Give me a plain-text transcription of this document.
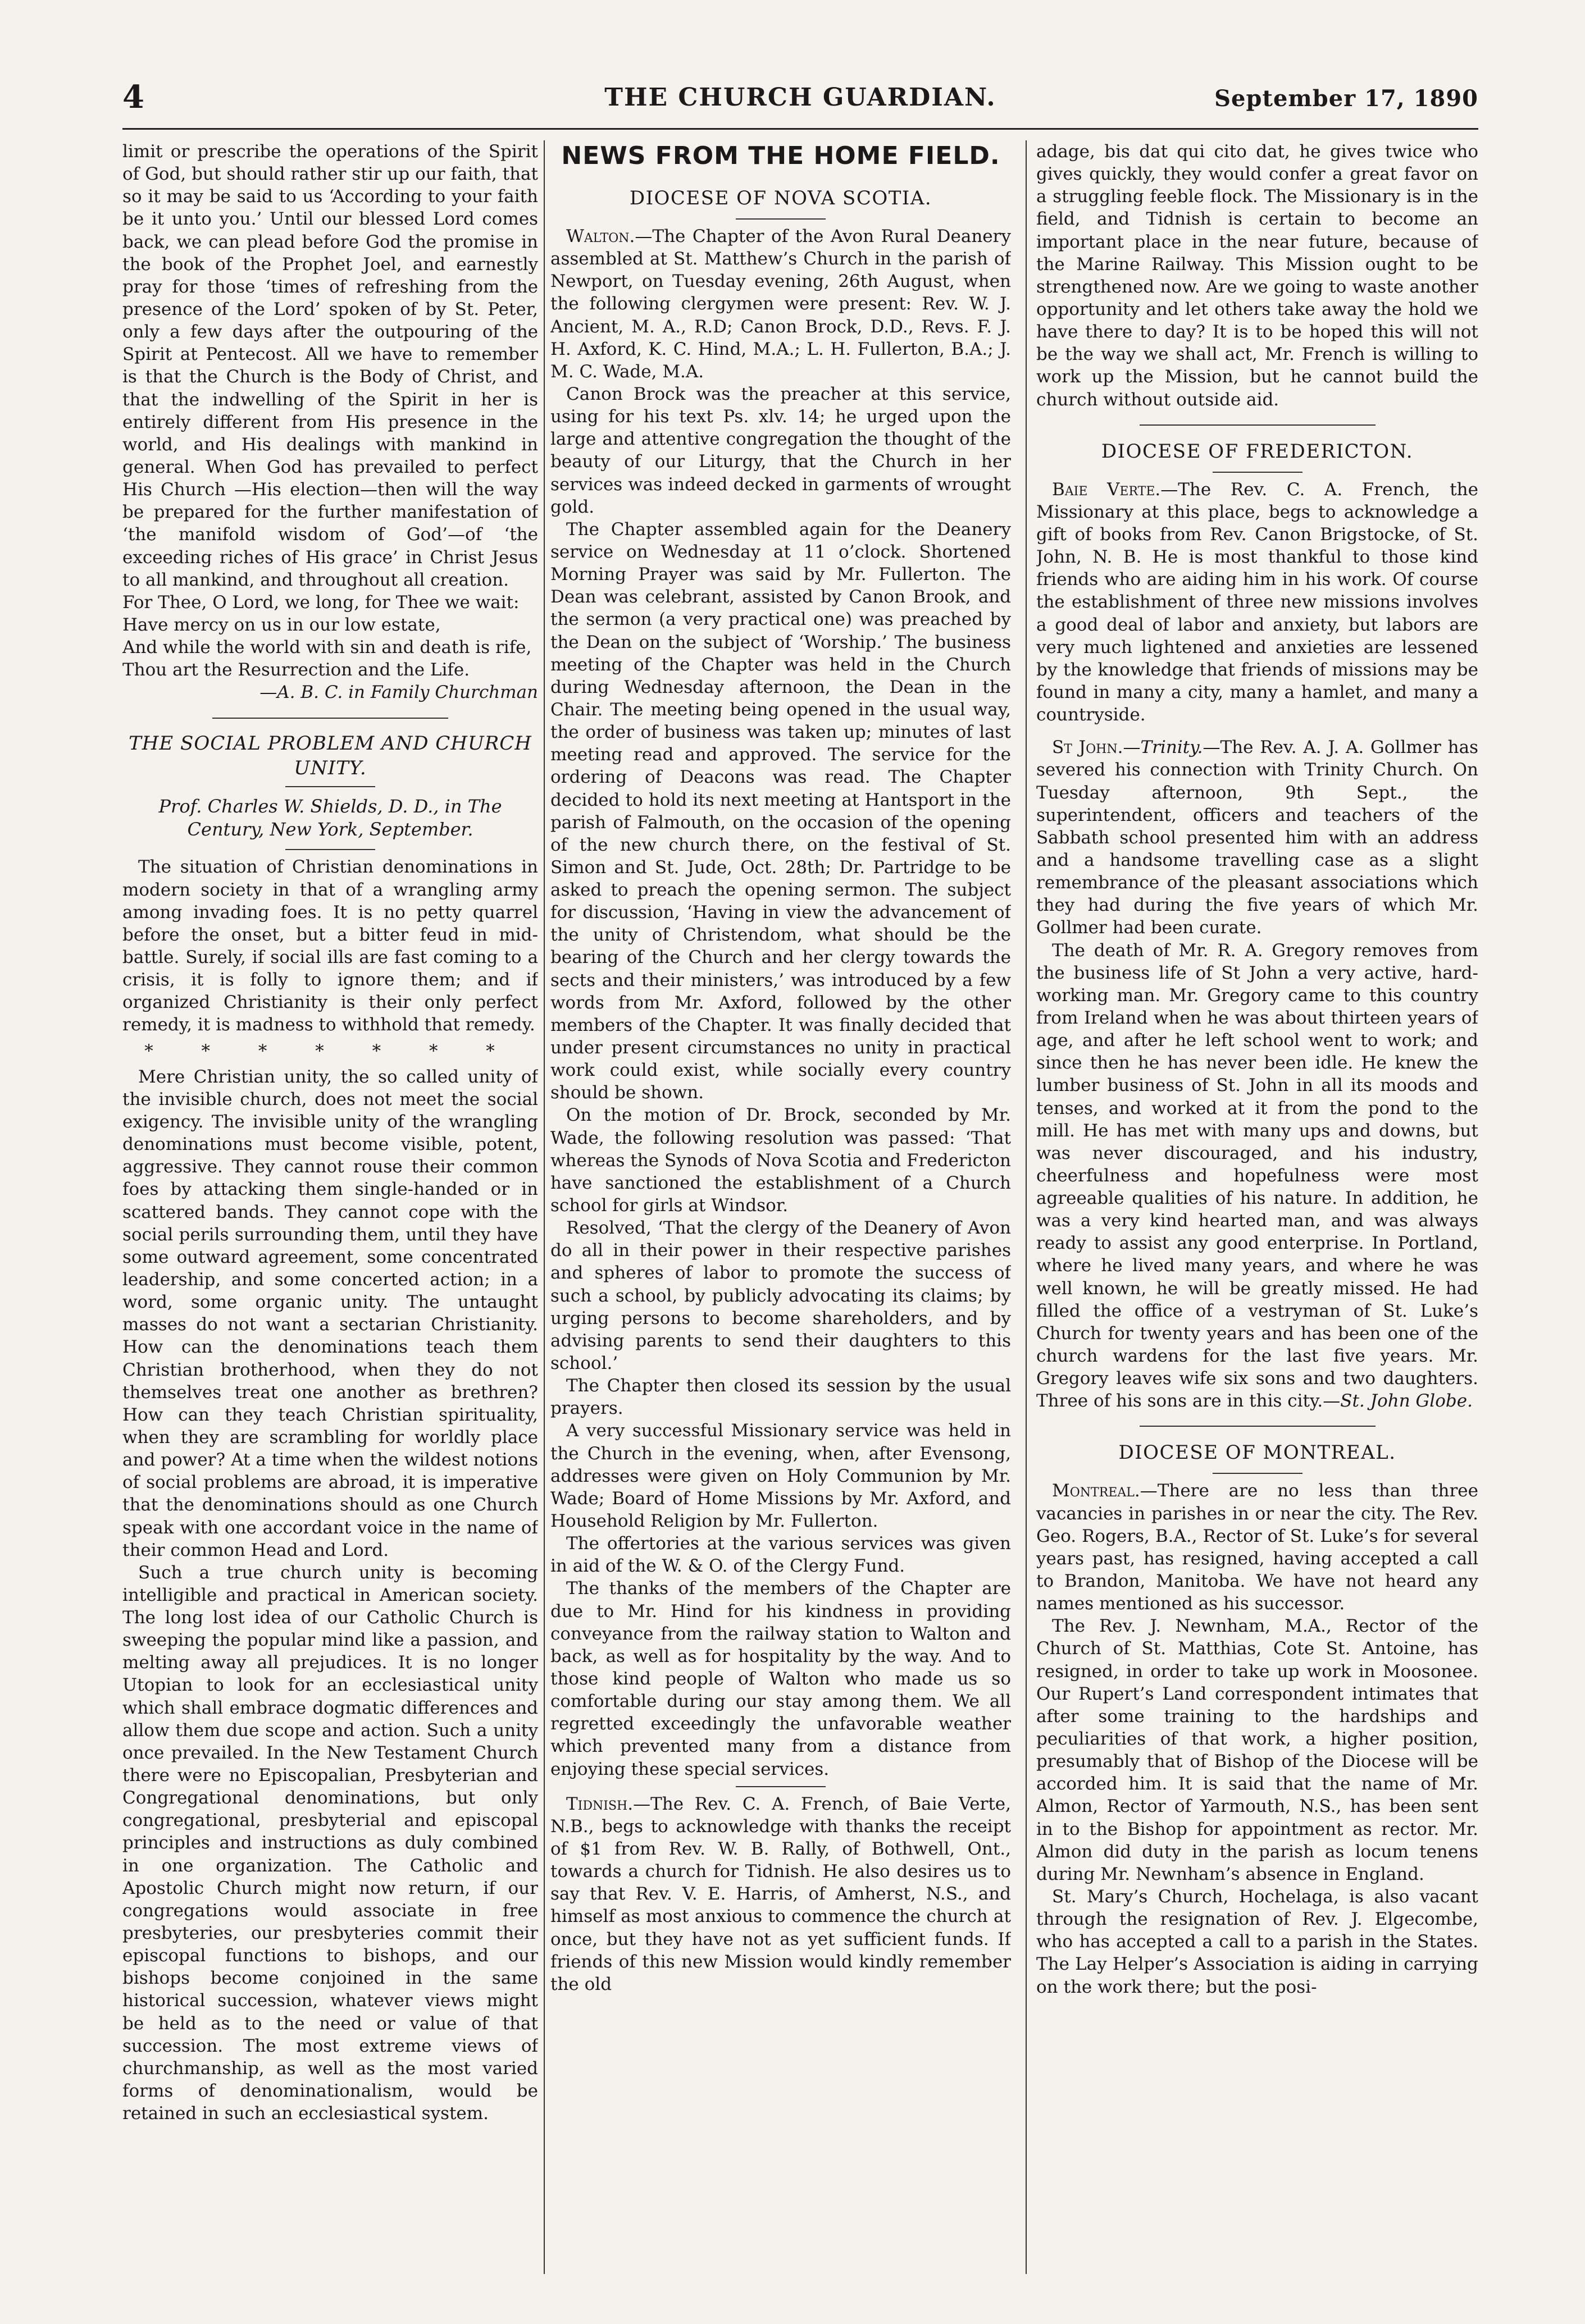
4	THE CHURCH GUARDIAN.	September 17, 1890

limit or prescribe the operations of the Spirit of God, but should rather stir up our faith, that so it may be said to us ‘According to your faith be it unto you.’ Until our blessed Lord comes back, we can plead before God the promise in the book of the Prophet Joel, and earnestly pray for those ‘times of refreshing from the presence of the Lord’ spoken of by St. Peter, only a few days after the outpouring of the Spirit at Pentecost. All we have to remember is that the Church is the Body of Christ, and that the indwelling of the Spirit in her is entirely different from His presence in the world, and His dealings with mankind in general. When God has prevailed to perfect His Church —His election—then will the way be prepared for the further manifestation of ‘the manifold wisdom of God’—of ‘the exceeding riches of His grace’ in Christ Jesus to all mankind, and throughout all creation.

For Thee, O Lord, we long, for Thee we wait:

Have mercy on us in our low estate,

And while the world with sin and death is rife,

Thou art the Resurrection and the Life.

—A. B. C. in Family Churchman

THE SOCIAL PROBLEM AND CHURCH UNITY.

Prof. Charles W. Shields, D. D., in The Century, New York, September.

The situation of Christian denominations in modern society in that of a wrangling army among invading foes. It is no petty quarrel before the onset, but a bitter feud in mid-battle. Surely, if social ills are fast coming to a crisis, it is folly to ignore them; and if organized Christianity is their only perfect remedy, it is madness to withhold that remedy.

* * * * * * *

Mere Christian unity, the so called unity of the invisible church, does not meet the social exigency. The invisible unity of the wrangling denominations must become visible, potent, aggressive. They cannot rouse their common foes by attacking them single-handed or in scattered bands. They cannot cope with the social perils surrounding them, until they have some outward agreement, some concentrated leadership, and some concerted action; in a word, some organic unity. The untaught masses do not want a sectarian Christianity. How can the denominations teach them Christian brotherhood, when they do not themselves treat one another as brethren? How can they teach Christian spirituality, when they are scrambling for worldly place and power? At a time when the wildest notions of social problems are abroad, it is imperative that the denominations should as one Church speak with one accordant voice in the name of their common Head and Lord.

Such a true church unity is becoming intelligible and practical in American society. The long lost idea of our Catholic Church is sweeping the popular mind like a passion, and melting away all prejudices. It is no longer Utopian to look for an ecclesiastical unity which shall embrace dogmatic differences and allow them due scope and action. Such a unity once prevailed. In the New Testament Church there were no Episcopalian, Presbyterian and Congregational denominations, but only congregational, presbyterial and episcopal principles and instructions as duly combined in one organization. The Catholic and Apostolic Church might now return, if our congregations would associate in free presbyteries, our presbyteries commit their episcopal functions to bishops, and our bishops become conjoined in the same historical succession, whatever views might be held as to the need or value of that succession. The most extreme views of churchmanship, as well as the most varied forms of denominationalism, would be retained in such an ecclesiastical system.

NEWS FROM THE HOME FIELD.
DIOCESE OF NOVA SCOTIA.

Walton.—The Chapter of the Avon Rural Deanery assembled at St. Matthew’s Church in the parish of Newport, on Tuesday evening, 26th August, when the following clergymen were present: Rev. W. J. Ancient, M. A., R.D; Canon Brock, D.D., Revs. F. J. H. Axford, K. C. Hind, M.A.; L. H. Fullerton, B.A.; J. M. C. Wade, M.A.

Canon Brock was the preacher at this service, using for his text Ps. xlv. 14; he urged upon the large and attentive congregation the thought of the beauty of our Liturgy, that the Church in her services was indeed decked in garments of wrought gold.

The Chapter assembled again for the Deanery service on Wednesday at 11 o’clock. Shortened Morning Prayer was said by Mr. Fullerton. The Dean was celebrant, assisted by Canon Brook, and the sermon (a very practical one) was preached by the Dean on the subject of ‘Worship.’ The business meeting of the Chapter was held in the Church during Wednesday afternoon, the Dean in the Chair. The meeting being opened in the usual way, the order of business was taken up; minutes of last meeting read and approved. The service for the ordering of Deacons was read. The Chapter decided to hold its next meeting at Hantsport in the parish of Falmouth, on the occasion of the opening of the new church there, on the festival of St. Simon and St. Jude, Oct. 28th; Dr. Partridge to be asked to preach the opening sermon. The subject for discussion, ‘Having in view the advancement of the unity of Christendom, what should be the bearing of the Church and her clergy towards the sects and their ministers,’ was introduced by a few words from Mr. Axford, followed by the other members of the Chapter. It was finally decided that under present circumstances no unity in practical work could exist, while socially every country should be shown.

On the motion of Dr. Brock, seconded by Mr. Wade, the following resolution was passed: ‘That whereas the Synods of Nova Scotia and Fredericton have sanctioned the establishment of a Church school for girls at Windsor.

Resolved, ‘That the clergy of the Deanery of Avon do all in their power in their respective parishes and spheres of labor to promote the success of such a school, by publicly advocating its claims; by urging persons to become shareholders, and by advising parents to send their daughters to this school.’

The Chapter then closed its session by the usual prayers.

A very successful Missionary service was held in the Church in the evening, when, after Evensong, addresses were given on Holy Communion by Mr. Wade; Board of Home Missions by Mr. Axford, and Household Religion by Mr. Fullerton.

The offertories at the various services was given in aid of the W. & O. of the Clergy Fund.

The thanks of the members of the Chapter are due to Mr. Hind for his kindness in providing conveyance from the railway station to Walton and back, as well as for hospitality by the way. And to those kind people of Walton who made us so comfortable during our stay among them. We all regretted exceedingly the unfavorable weather which prevented many from a distance from enjoying these special services.

Tidnish.—The Rev. C. A. French, of Baie Verte, N.B., begs to acknowledge with thanks the receipt of $1 from Rev. W. B. Rally, of Bothwell, Ont., towards a church for Tidnish. He also desires us to say that Rev. V. E. Harris, of Amherst, N.S., and himself as most anxious to commence the church at once, but they have not as yet sufficient funds. If friends of this new Mission would kindly remember the old

adage, bis dat qui cito dat, he gives twice who gives quickly, they would confer a great favor on a struggling feeble flock. The Missionary is in the field, and Tidnish is certain to become an important place in the near future, because of the Marine Railway. This Mission ought to be strengthened now. Are we going to waste another opportunity and let others take away the hold we have there to day? It is to be hoped this will not be the way we shall act, Mr. French is willing to work up the Mission, but he cannot build the church without outside aid.

DIOCESE OF FREDERICTON.

Baie Verte.—The Rev. C. A. French, the Missionary at this place, begs to acknowledge a gift of books from Rev. Canon Brigstocke, of St. John, N. B. He is most thankful to those kind friends who are aiding him in his work. Of course the establishment of three new missions involves a good deal of labor and anxiety, but labors are very much lightened and anxieties are lessened by the knowledge that friends of missions may be found in many a city, many a hamlet, and many a countryside.

St John.—Trinity.—The Rev. A. J. A. Gollmer has severed his connection with Trinity Church. On Tuesday afternoon, 9th Sept., the superintendent, officers and teachers of the Sabbath school presented him with an address and a handsome travelling case as a slight remembrance of the pleasant associations which they had during the five years of which Mr. Gollmer had been curate.

The death of Mr. R. A. Gregory removes from the business life of St John a very active, hard-working man. Mr. Gregory came to this country from Ireland when he was about thirteen years of age, and after he left school went to work; and since then he has never been idle. He knew the lumber business of St. John in all its moods and tenses, and worked at it from the pond to the mill. He has met with many ups and downs, but was never discouraged, and his industry, cheerfulness and hopefulness were most agreeable qualities of his nature. In addition, he was a very kind hearted man, and was always ready to assist any good enterprise. In Portland, where he lived many years, and where he was well known, he will be greatly missed. He had filled the office of a vestryman of St. Luke’s Church for twenty years and has been one of the church wardens for the last five years. Mr. Gregory leaves wife six sons and two daughters. Three of his sons are in this city.—St. John Globe.

DIOCESE OF MONTREAL.

Montreal.—There are no less than three vacancies in parishes in or near the city. The Rev. Geo. Rogers, B.A., Rector of St. Luke’s for several years past, has resigned, having accepted a call to Brandon, Manitoba. We have not heard any names mentioned as his successor.

The Rev. J. Newnham, M.A., Rector of the Church of St. Matthias, Cote St. Antoine, has resigned, in order to take up work in Moosonee. Our Rupert’s Land correspondent intimates that after some training to the hardships and peculiarities of that work, a higher position, presumably that of Bishop of the Diocese will be accorded him. It is said that the name of Mr. Almon, Rector of Yarmouth, N.S., has been sent in to the Bishop for appointment as rector. Mr. Almon did duty in the parish as locum tenens during Mr. Newnham’s absence in England.

St. Mary’s Church, Hochelaga, is also vacant through the resignation of Rev. J. Elgecombe, who has accepted a call to a parish in the States. The Lay Helper’s Association is aiding in carrying on the work there; but the posi-
